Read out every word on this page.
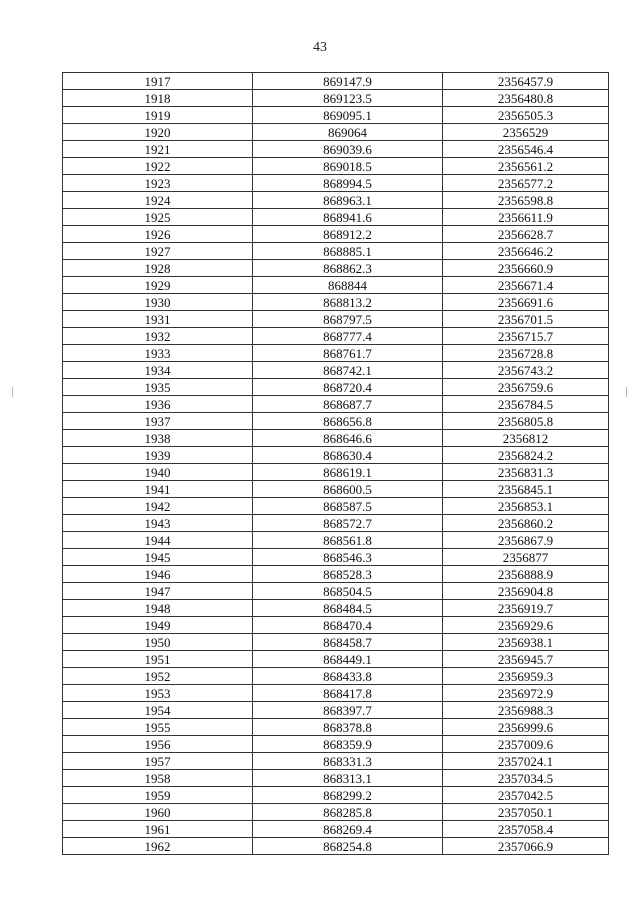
43
1917	869147.9	2356457.9
1918	869123.5	2356480.8
1919	869095.1	2356505.3
1920	869064	2356529
1921	869039.6	2356546.4
1922	869018.5	2356561.2
1923	868994.5	2356577.2
1924	868963.1	2356598.8
1925	868941.6	2356611.9
1926	868912.2	2356628.7
1927	868885.1	2356646.2
1928	868862.3	2356660.9
1929	868844	2356671.4
1930	868813.2	2356691.6
1931	868797.5	2356701.5
1932	868777.4	2356715.7
1933	868761.7	2356728.8
1934	868742.1	2356743.2
1935	868720.4	2356759.6
1936	868687.7	2356784.5
1937	868656.8	2356805.8
1938	868646.6	2356812
1939	868630.4	2356824.2
1940	868619.1	2356831.3
1941	868600.5	2356845.1
1942	868587.5	2356853.1
1943	868572.7	2356860.2
1944	868561.8	2356867.9
1945	868546.3	2356877
1946	868528.3	2356888.9
1947	868504.5	2356904.8
1948	868484.5	2356919.7
1949	868470.4	2356929.6
1950	868458.7	2356938.1
1951	868449.1	2356945.7
1952	868433.8	2356959.3
1953	868417.8	2356972.9
1954	868397.7	2356988.3
1955	868378.8	2356999.6
1956	868359.9	2357009.6
1957	868331.3	2357024.1
1958	868313.1	2357034.5
1959	868299.2	2357042.5
1960	868285.8	2357050.1
1961	868269.4	2357058.4
1962	868254.8	2357066.9
